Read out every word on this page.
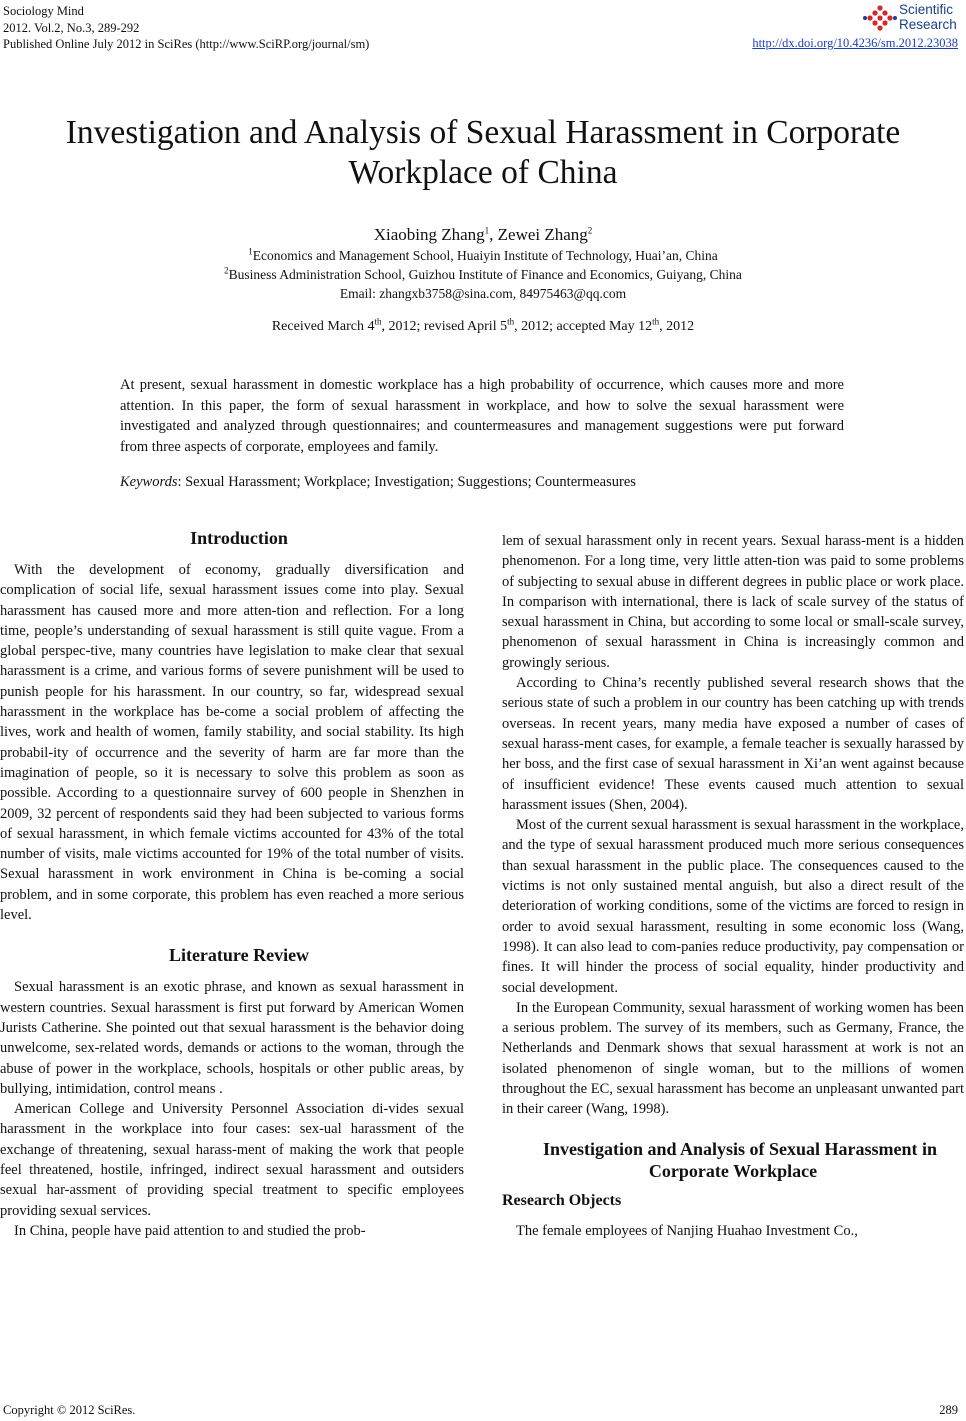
Sociology Mind
2012. Vol.2, No.3, 289-292
Published Online July 2012 in SciRes (http://www.SciRP.org/journal/sm)	http://dx.doi.org/10.4236/sm.2012.23038
Scientific
Research
Investigation and Analysis of Sexual Harassment in Corporate Workplace of China
Xiaobing Zhang$^1$, Zewei Zhang$^2$
$^1$Economics and Management School, Huaiyin Institute of Technology, Huai’an, China
$^2$Business Administration School, Guizhou Institute of Finance and Economics, Guiyang, China
Email: zhangxb3758@sina.com, 84975463@qq.com
Received March 4th, 2012; revised April 5th, 2012; accepted May 12th, 2012
At present, sexual harassment in domestic workplace has a high probability of occurrence, which causes more and more attention. In this paper, the form of sexual harassment in workplace, and how to solve the sexual harassment were investigated and analyzed through questionnaires; and countermeasures and management suggestions were put forward from three aspects of corporate, employees and family.
Keywords: Sexual Harassment; Workplace; Investigation; Suggestions; Countermeasures

Introduction

With the development of economy, gradually diversification and complication of social life, sexual harassment issues come into play. Sexual harassment has caused more and more atten-tion and reflection. For a long time, people’s understanding of sexual harassment is still quite vague. From a global perspec-tive, many countries have legislation to make clear that sexual harassment is a crime, and various forms of severe punishment will be used to punish people for his harassment. In our country, so far, widespread sexual harassment in the workplace has be-come a social problem of affecting the lives, work and health of women, family stability, and social stability. Its high probabil-ity of occurrence and the severity of harm are far more than the imagination of people, so it is necessary to solve this problem as soon as possible. According to a questionnaire survey of 600 people in Shenzhen in 2009, 32 percent of respondents said they had been subjected to various forms of sexual harassment, in which female victims accounted for 43% of the total number of visits, male victims accounted for 19% of the total number of visits. Sexual harassment in work environment in China is be-coming a social problem, and in some corporate, this problem has even reached a more serious level.

Literature Review

Sexual harassment is an exotic phrase, and known as sexual harassment in western countries. Sexual harassment is first put forward by American Women Jurists Catherine. She pointed out that sexual harassment is the behavior doing unwelcome, sex-related words, demands or actions to the woman, through the abuse of power in the workplace, schools, hospitals or other public areas, by bullying, intimidation, control means .

American College and University Personnel Association di-vides sexual harassment in the workplace into four cases: sex-ual harassment of the exchange of threatening, sexual harass-ment of making the work that people feel threatened, hostile, infringed, indirect sexual harassment and outsiders sexual har-assment of providing special treatment to specific employees providing sexual services.

In China, people have paid attention to and studied the prob-

lem of sexual harassment only in recent years. Sexual harass-ment is a hidden phenomenon. For a long time, very little atten-tion was paid to some problems of subjecting to sexual abuse in different degrees in public place or work place. In comparison with international, there is lack of scale survey of the status of sexual harassment in China, but according to some local or small-scale survey, phenomenon of sexual harassment in China is increasingly common and growingly serious.

According to China’s recently published several research shows that the serious state of such a problem in our country has been catching up with trends overseas. In recent years, many media have exposed a number of cases of sexual harass-ment cases, for example, a female teacher is sexually harassed by her boss, and the first case of sexual harassment in Xi’an went against because of insufficient evidence! These events caused much attention to sexual harassment issues (Shen, 2004).

Most of the current sexual harassment is sexual harassment in the workplace, and the type of sexual harassment produced much more serious consequences than sexual harassment in the public place. The consequences caused to the victims is not only sustained mental anguish, but also a direct result of the deterioration of working conditions, some of the victims are forced to resign in order to avoid sexual harassment, resulting in some economic loss (Wang, 1998). It can also lead to com-panies reduce productivity, pay compensation or fines. It will hinder the process of social equality, hinder productivity and social development.

In the European Community, sexual harassment of working women has been a serious problem. The survey of its members, such as Germany, France, the Netherlands and Denmark shows that sexual harassment at work is not an isolated phenomenon of single woman, but to the millions of women throughout the EC, sexual harassment has become an unpleasant unwanted part in their career (Wang, 1998).

Investigation and Analysis of Sexual Harassment in Corporate Workplace

Research Objects

The female employees of Nanjing Huahao Investment Co.,

Copyright © 2012 SciRes.	289
